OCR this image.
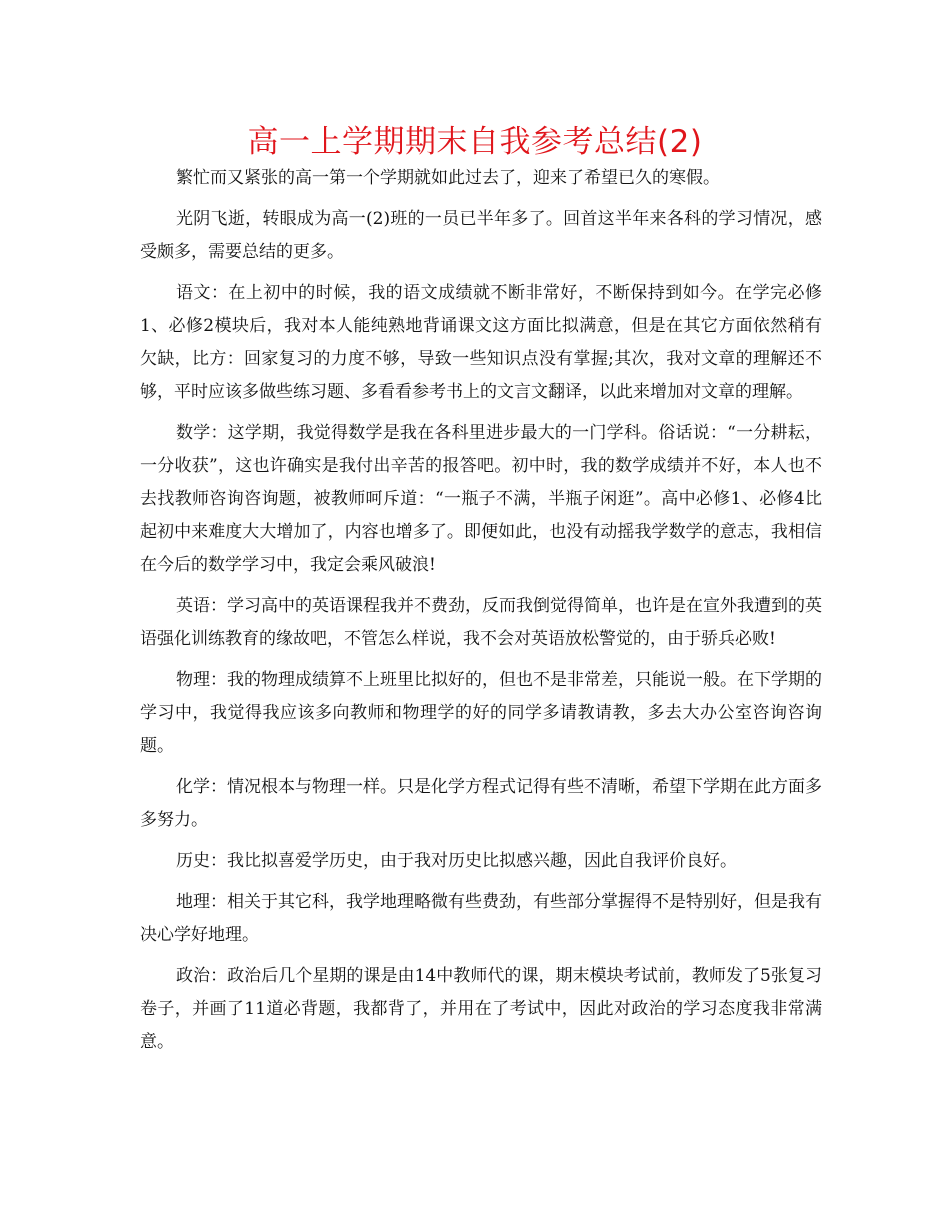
高一上学期期末自我参考总结(2)

繁忙而又紧张的高一第一个学期就如此过去了，迎来了希望已久的寒假。

光阴飞逝，转眼成为高一(2)班的一员已半年多了。回首这半年来各科的学习情况，感受颇多，需要总结的更多。

语文：在上初中的时候，我的语文成绩就不断非常好，不断保持到如今。在学完必修1、必修2模块后，我对本人能纯熟地背诵课文这方面比拟满意，但是在其它方面依然稍有欠缺，比方：回家复习的力度不够，导致一些知识点没有掌握;其次，我对文章的理解还不够，平时应该多做些练习题、多看看参考书上的文言文翻译，以此来增加对文章的理解。

数学：这学期，我觉得数学是我在各科里进步最大的一门学科。俗话说：“一分耕耘，一分收获”，这也许确实是我付出辛苦的报答吧。初中时，我的数学成绩并不好，本人也不去找教师咨询咨询题，被教师呵斥道：“一瓶子不满，半瓶子闲逛”。高中必修1、必修4比起初中来难度大大增加了，内容也增多了。即便如此，也没有动摇我学数学的意志，我相信在今后的数学学习中，我定会乘风破浪!

英语：学习高中的英语课程我并不费劲，反而我倒觉得简单，也许是在宣外我遭到的英语强化训练教育的缘故吧，不管怎么样说，我不会对英语放松警觉的，由于骄兵必败!

物理：我的物理成绩算不上班里比拟好的，但也不是非常差，只能说一般。在下学期的学习中，我觉得我应该多向教师和物理学的好的同学多请教请教，多去大办公室咨询咨询题。

化学：情况根本与物理一样。只是化学方程式记得有些不清晰，希望下学期在此方面多多努力。

历史：我比拟喜爱学历史，由于我对历史比拟感兴趣，因此自我评价良好。

地理：相关于其它科，我学地理略微有些费劲，有些部分掌握得不是特别好，但是我有决心学好地理。

政治：政治后几个星期的课是由14中教师代的课，期末模块考试前，教师发了5张复习卷子，并画了11道必背题，我都背了，并用在了考试中，因此对政治的学习态度我非常满意。
